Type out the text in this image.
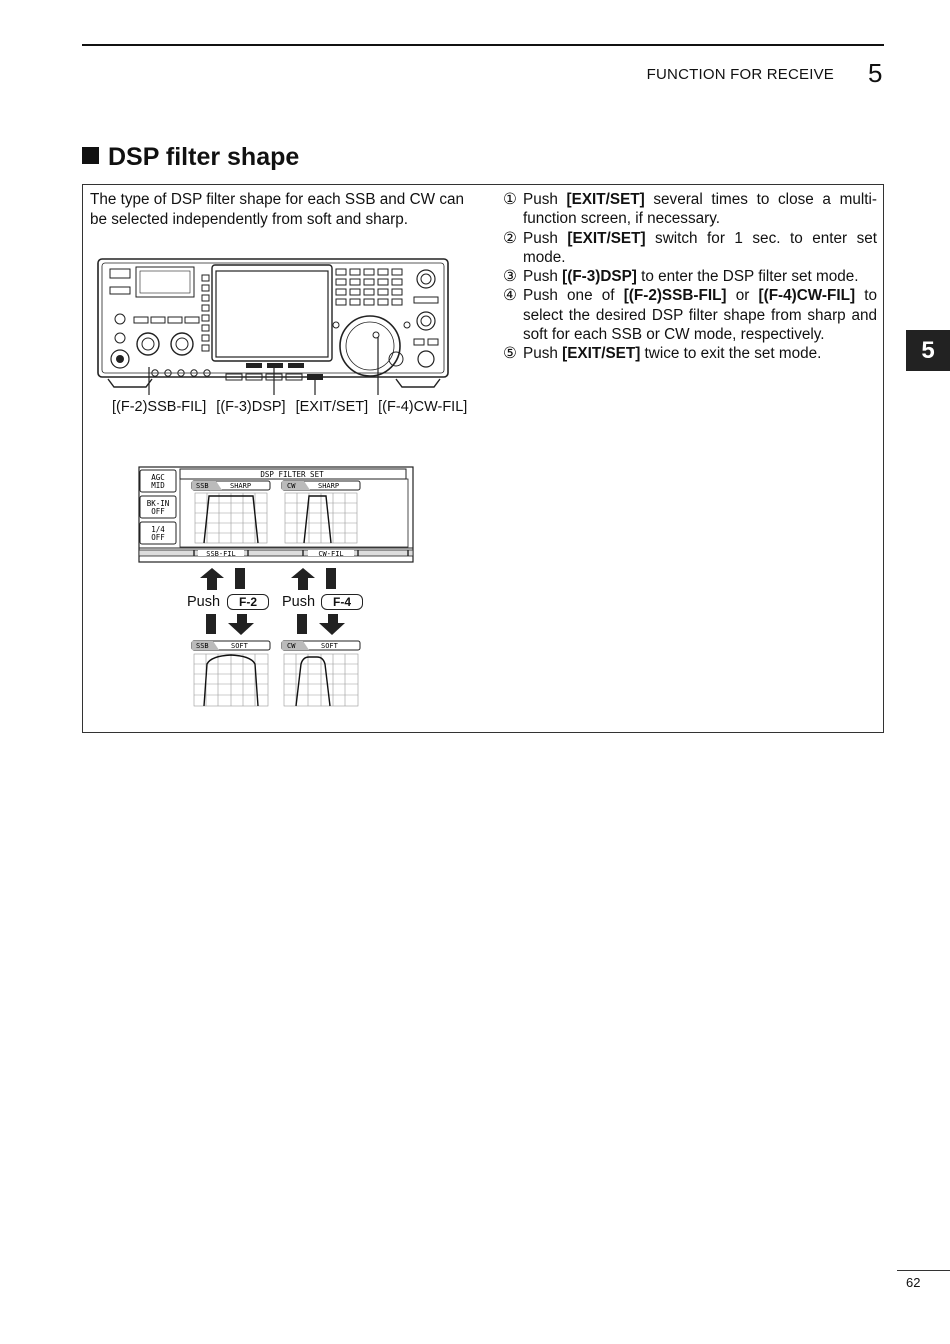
FUNCTION FOR RECEIVE 5
DSP filter shape
The type of DSP filter shape for each SSB and CW can be selected independently from soft and sharp.
① Push [EXIT/SET] several times to close a multi-function screen, if necessary.
② Push [EXIT/SET] switch for 1 sec. to enter set mode.
③ Push [(F-3)DSP] to enter the DSP filter set mode.
④ Push one of [(F-2)SSB-FIL] or [(F-4)CW-FIL] to select the desired DSP filter shape from sharp and soft for each SSB or CW mode, respectively.
⑤ Push [EXIT/SET] twice to exit the set mode.
[(F-2)SSB-FIL] [(F-3)DSP] [EXIT/SET] [(F-4)CW-FIL]
AGC
MID
BK-IN
OFF
1/4
OFF
DSP FILTER SET
SSB	SHARP	CW	SHARP
SSB-FIL	CW-FIL
Push	F-2	Push	F-4
SSB	SOFT	CW	SOFT
5
62
